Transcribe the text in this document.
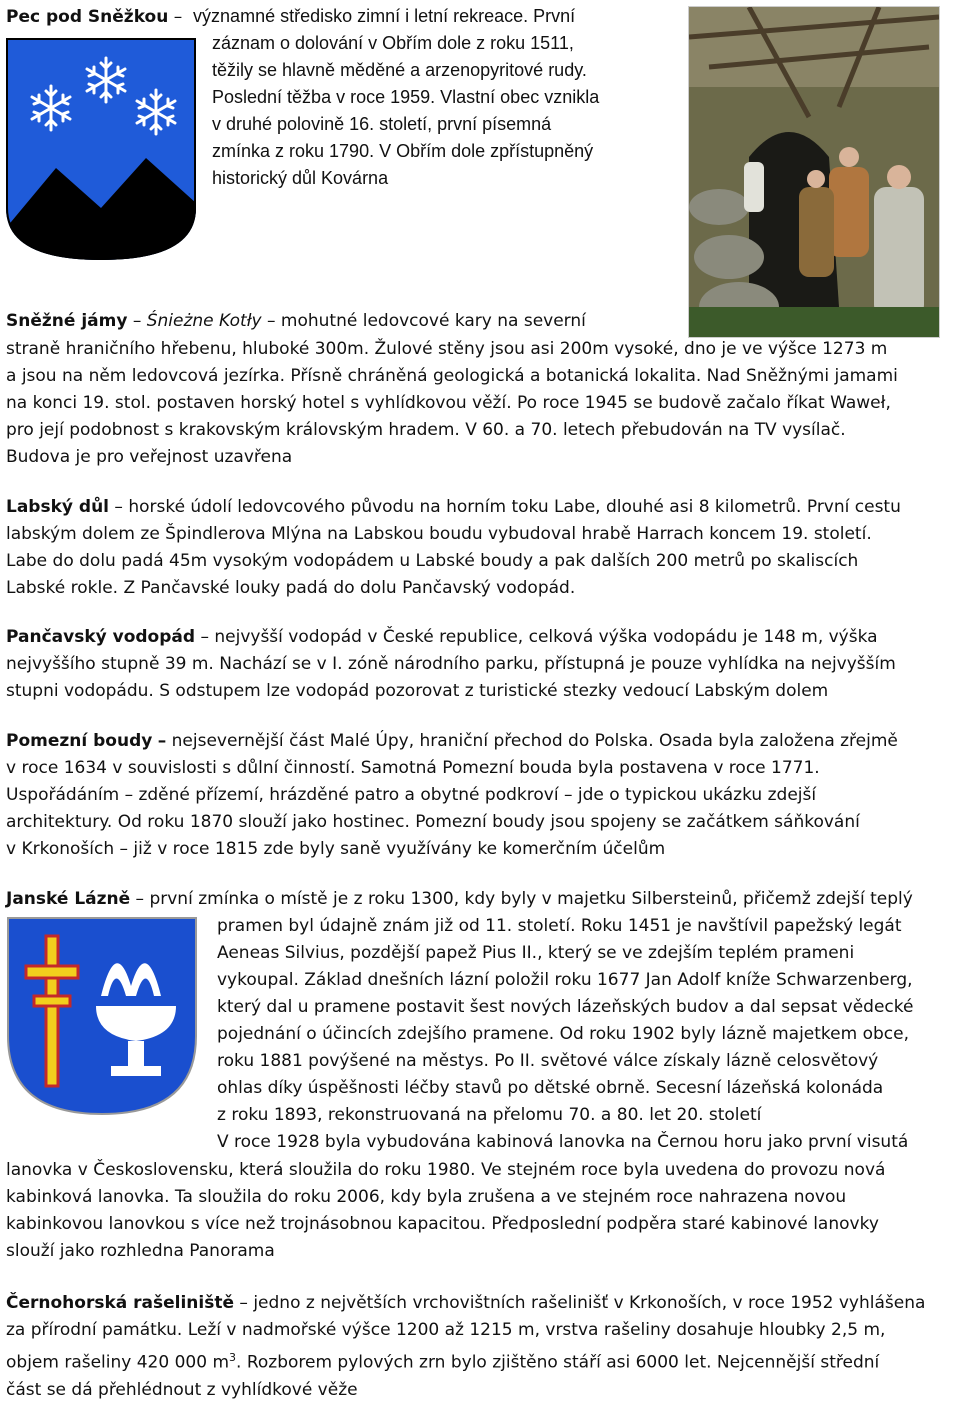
Pec pod Sněžkou –  významné středisko zimní i letní rekreace. První
záznam o dolování v Obřím dole z roku 1511,
těžily se hlavně měděné a arzenopyritové rudy.
Poslední těžba v roce 1959. Vlastní obec vznikla
v druhé polovině 16. století, první písemná
zmínka z roku 1790. V Obřím dole zpřístupněný
historický důl Kovárna
Sněžné jámy – Śnieżne Kotły – mohutné ledovcové kary na severní
straně hraničního hřebenu, hluboké 300m. Žulové stěny jsou asi 200m vysoké, dno je ve výšce 1273 m
a jsou na něm ledovcová jezírka. Přísně chráněná geologická a botanická lokalita. Nad Sněžnými jamami
na konci 19. stol. postaven horský hotel s vyhlídkovou věží. Po roce 1945 se budově začalo říkat Waweł,
pro její podobnost s krakovským královským hradem. V 60. a 70. letech přebudován na TV vysílač.
Budova je pro veřejnost uzavřena
Labský důl – horské údolí ledovcového původu na horním toku Labe, dlouhé asi 8 kilometrů. První cestu
labským dolem ze Špindlerova Mlýna na Labskou boudu vybudoval hrabě Harrach koncem 19. století.
Labe do dolu padá 45m vysokým vodopádem u Labské boudy a pak dalších 200 metrů po skaliscích
Labské rokle. Z Pančavské louky padá do dolu Pančavský vodopád.
Pančavský vodopád – nejvyšší vodopád v České republice, celková výška vodopádu je 148 m, výška
nejvyššího stupně 39 m. Nachází se v I. zóně národního parku, přístupná je pouze vyhlídka na nejvyšším
stupni vodopádu. S odstupem lze vodopád pozorovat z turistické stezky vedoucí Labským dolem
Pomezní boudy – nejsevernější část Malé Úpy, hraniční přechod do Polska. Osada byla založena zřejmě
v roce 1634 v souvislosti s důlní činností. Samotná Pomezní bouda byla postavena v roce 1771.
Uspořádáním – zděné přízemí, hrázděné patro a obytné podkroví – jde o typickou ukázku zdejší
architektury. Od roku 1870 slouží jako hostinec. Pomezní boudy jsou spojeny se začátkem sáňkování
v Krkonoších – již v roce 1815 zde byly saně využívány ke komerčním účelům
Janské Lázně – první zmínka o místě je z roku 1300, kdy byly v majetku Silbersteinů, přičemž zdejší teplý
pramen byl údajně znám již od 11. století. Roku 1451 je navštívil papežský legát
Aeneas Silvius, pozdější papež Pius II., který se ve zdejším teplém prameni
vykoupal. Základ dnešních lázní položil roku 1677 Jan Adolf kníže Schwarzenberg,
který dal u pramene postavit šest nových lázeňských budov a dal sepsat vědecké
pojednání o účincích zdejšího pramene. Od roku 1902 byly lázně majetkem obce,
roku 1881 povýšené na městys. Po II. světové válce získaly lázně celosvětový
ohlas díky úspěšnosti léčby stavů po dětské obrně. Secesní lázeňská kolonáda
z roku 1893, rekonstruovaná na přelomu 70. a 80. let 20. století
V roce 1928 byla vybudována kabinová lanovka na Černou horu jako první visutá
lanovka v Československu, která sloužila do roku 1980. Ve stejném roce byla uvedena do provozu nová
kabinková lanovka. Ta sloužila do roku 2006, kdy byla zrušena a ve stejném roce nahrazena novou
kabinkovou lanovkou s více než trojnásobnou kapacitou. Předposlední podpěra staré kabinové lanovky
slouží jako rozhledna Panorama
Černohorská rašeliniště – jedno z největších vrchovištních rašelinišť v Krkonoších, v roce 1952 vyhlášena
za přírodní památku. Leží v nadmořské výšce 1200 až 1215 m, vrstva rašeliny dosahuje hloubky 2,5 m,
objem rašeliny 420 000 $m^3$. Rozborem pylových zrn bylo zjištěno stáří asi 6000 let. Nejcennější střední
část se dá přehlédnout z vyhlídkové věže
